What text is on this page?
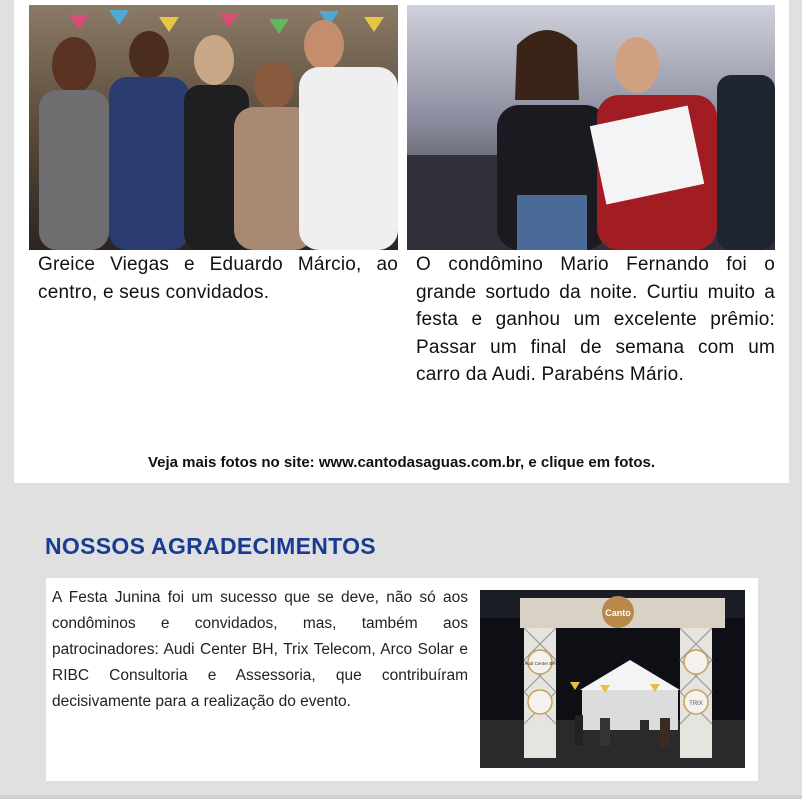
Greice Viegas e Eduardo Márcio, ao centro, e seus convidados.
O condômino Mario Fernando foi o grande sortudo da noite. Curtiu muito a festa e ganhou um excelente prêmio: Passar um final de semana com um carro da Audi. Parabéns Mário.
Veja mais fotos no site: www.cantodasaguas.com.br, e clique em fotos.
NOSSOS AGRADECIMENTOS
A Festa Junina foi um sucesso que se deve, não só aos condôminos e convidados, mas, também aos patrocinadores: Audi Center BH, Trix Telecom, Arco Solar e RIBC Consultoria e Assessoria, que contribuíram decisivamente para a realização do evento.
Canto
TRIX
Audi Center BH
